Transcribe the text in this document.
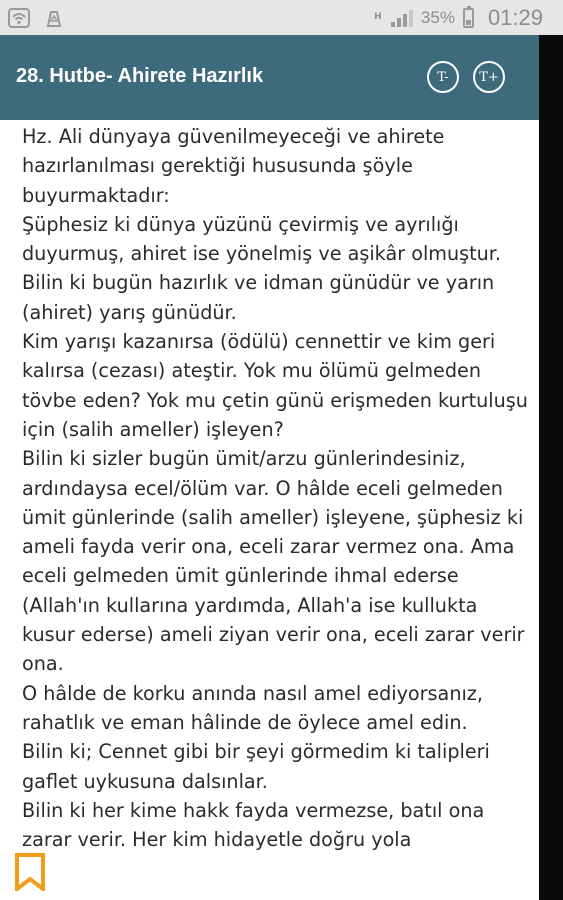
H 35% 01:29
28. Hutbe- Ahirete Hazırlık	T-	T+

Hz. Ali dünyaya güvenilmeyeceği ve ahirete hazırlanılması gerektiği hususunda şöyle buyurmaktadır:

Şüphesiz ki dünya yüzünü çevirmiş ve ayrılığı duyurmuş, ahiret ise yönelmiş ve aşikâr olmuştur. Bilin ki bugün hazırlık ve idman günüdür ve yarın (ahiret) yarış günüdür.

Kim yarışı kazanırsa (ödülü) cennettir ve kim geri kalırsa (cezası) ateştir. Yok mu ölümü gelmeden tövbe eden? Yok mu çetin günü erişmeden kurtuluşu için (salih ameller) işleyen?

Bilin ki sizler bugün ümit/arzu günlerindesiniz, ardındaysa ecel/ölüm var. O hâlde eceli gelmeden ümit günlerinde (salih ameller) işleyene, şüphesiz ki ameli fayda verir ona, eceli zarar vermez ona. Ama eceli gelmeden ümit günlerinde ihmal ederse (Allah'ın kullarına yardımda, Allah'a ise kullukta kusur ederse) ameli ziyan verir ona, eceli zarar verir ona.

O hâlde de korku anında nasıl amel ediyorsanız, rahatlık ve eman hâlinde de öylece amel edin.

Bilin ki; Cennet gibi bir şeyi görmedim ki talipleri gaflet uykusuna dalsınlar.

Bilin ki her kime hakk fayda vermezse, batıl ona zarar verir. Her kim hidayetle doğru yola
